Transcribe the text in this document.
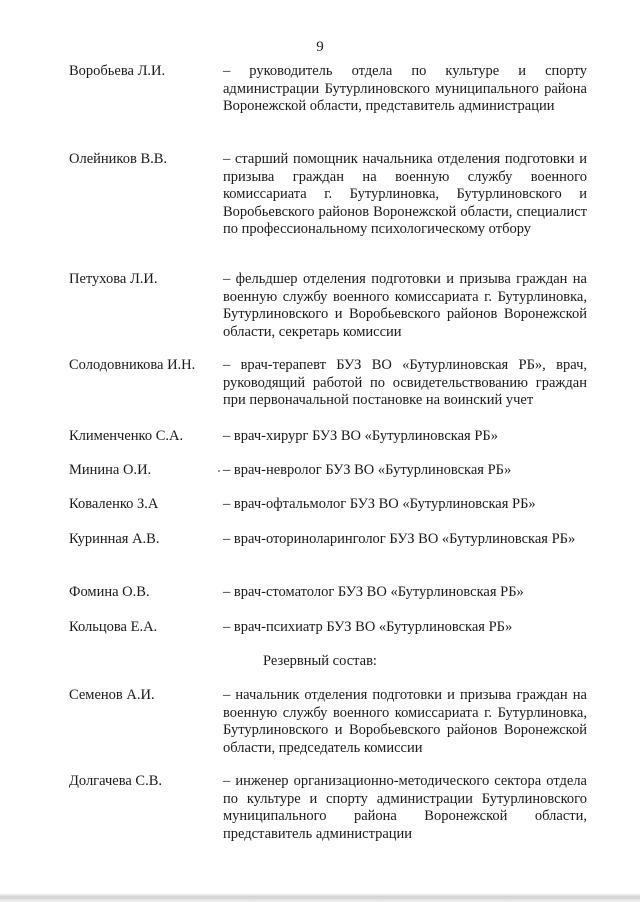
9
Воробьева Л.И.	– руководитель отдела по культуре и спорту администрации Бутурлиновского муниципального района Воронежской области, представитель администрации
Олейников В.В.	– старший помощник начальника отделения подготовки и призыва граждан на военную службу военного комиссариата г. Бутурлиновка, Бутурлиновского и Воробьевского районов Воронежской области, специалист по профессиональному психологическому отбору
Петухова Л.И.	– фельдшер отделения подготовки и призыва граждан на военную службу военного комиссариата г. Бутурлиновка, Бутурлиновского и Воробьевского районов Воронежской области, секретарь комиссии
Солодовникова И.Н. – врач-терапевт БУЗ ВО «Бутурлиновская РБ», врач, руководящий работой по освидетельствованию граждан при первоначальной постановке на воинский учет
Клименченко С.А.	– врач-хирург БУЗ ВО «Бутурлиновская РБ»
Минина О.И.	– врач-невролог БУЗ ВО «Бутурлиновская РБ»
Коваленко З.А	– врач-офтальмолог БУЗ ВО «Бутурлиновская РБ»
Куринная А.В.	– врач-оториноларинголог БУЗ ВО «Бутурлиновская РБ»
Фомина О.В.	– врач-стоматолог БУЗ ВО «Бутурлиновская РБ»
Кольцова Е.А.	– врач-психиатр БУЗ ВО «Бутурлиновская РБ»
Резервный состав:
Семенов А.И.	– начальник отделения подготовки и призыва граждан на военную службу военного комиссариата г. Бутурлиновка, Бутурлиновского и Воробьевского районов Воронежской области, председатель комиссии
Долгачева С.В.	– инженер организационно-методического сектора отдела по культуре и спорту администрации Бутурлиновского муниципального района Воронежской области, представитель администрации
